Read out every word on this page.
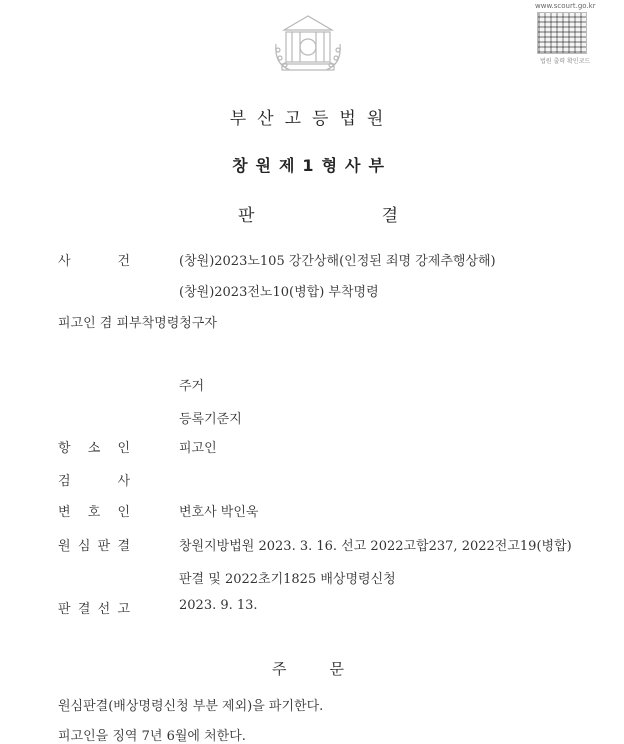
www.scourt.go.kr
법원 출력 확인코드
부산고등법원
창원제1형사부
판	결
사	건	(창원)2023노105 강간상해(인정된 죄명 강제추행상해)
(창원)2023전노10(병합) 부착명령
피고인 겸 피부착명령청구자
주거
등록기준지
항 소 인	피고인
검	사
변 호 인	변호사 박인욱
원 심 판 결	창원지방법원 2023. 3. 16. 선고 2022고합237, 2022전고19(병합)
판결 및 2022초기1825 배상명령신청
판 결 선 고	2023. 9. 13.
주	문
원심판결(배상명령신청 부분 제외)을 파기한다.
피고인을 징역 7년 6월에 처한다.
